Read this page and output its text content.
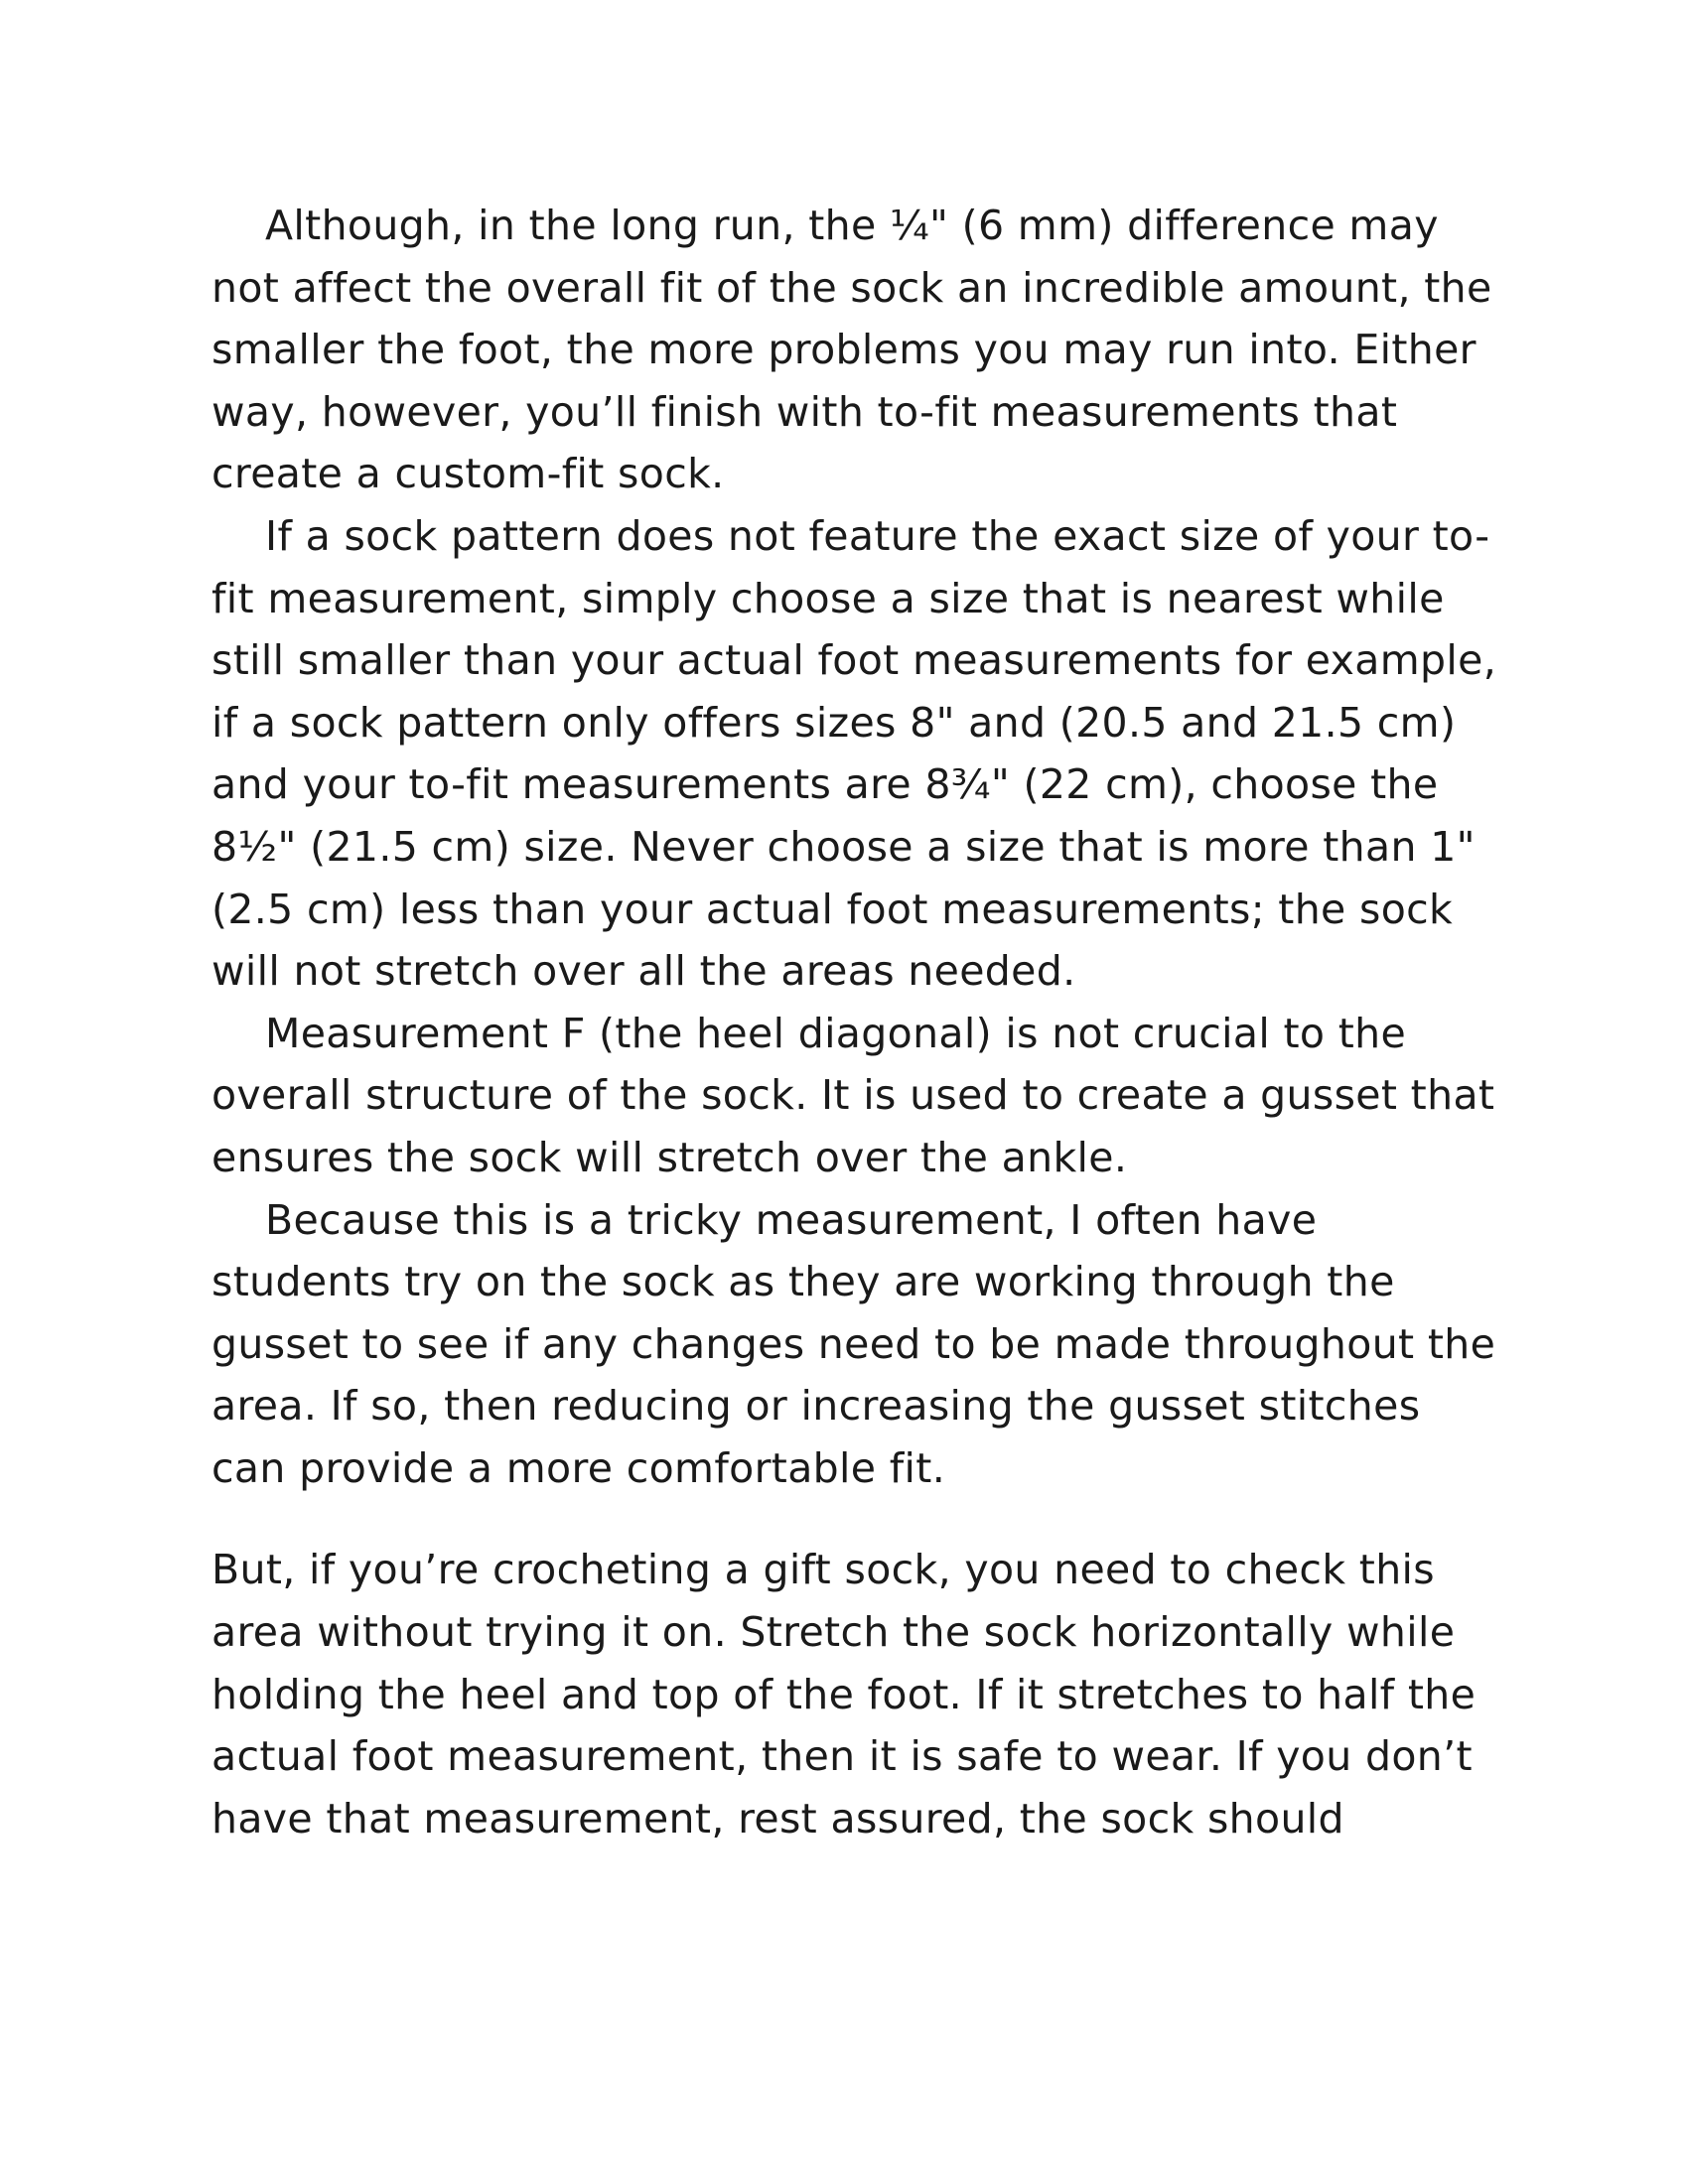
Although, in the long run, the ¼" (6 mm) difference may not affect the overall fit of the sock an incredible amount, the smaller the foot, the more problems you may run into. Either way, however, you’ll finish with to-fit measurements that create a custom-fit sock.

If a sock pattern does not feature the exact size of your to-fit measurement, simply choose a size that is nearest while still smaller than your actual foot measurements for example, if a sock pattern only offers sizes 8" and (20.5 and 21.5 cm) and your to-fit measurements are 8¾" (22 cm), choose the 8½" (21.5 cm) size. Never choose a size that is more than 1" (2.5 cm) less than your actual foot measurements; the sock will not stretch over all the areas needed.

Measurement F (the heel diagonal) is not crucial to the overall structure of the sock. It is used to create a gusset that ensures the sock will stretch over the ankle.

Because this is a tricky measurement, I often have students try on the sock as they are working through the gusset to see if any changes need to be made throughout the area. If so, then reducing or increasing the gusset stitches can provide a more comfortable fit.

But, if you’re crocheting a gift sock, you need to check this area without trying it on. Stretch the sock horizontally while holding the heel and top of the foot. If it stretches to half the actual foot measurement, then it is safe to wear. If you don’t have that measurement, rest assured, the sock should
